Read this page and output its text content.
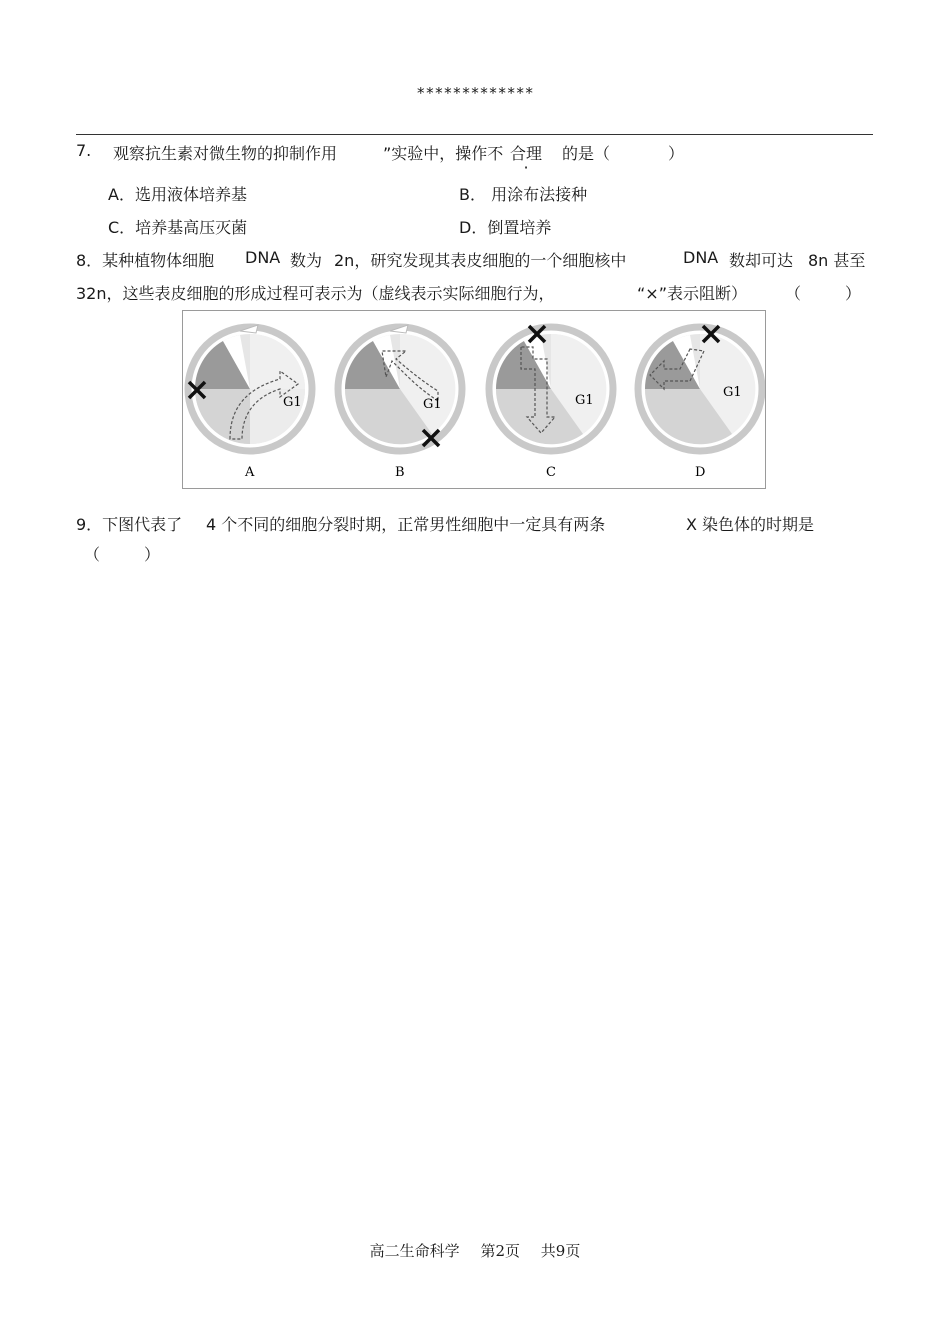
*************
7. 观察抗生素对微生物的抑制作用	”实验中，操作不 合理 的是（	）
A．选用液体培养基	B． 用涂布法接种
C．培养基高压灭菌	D．倒置培养
8．某种植物体细胞 DNA 数为 2n，研究发现其表皮细胞的一个细胞核中	DNA 数却可达 8n 甚至
32n，这些表皮细胞的形成过程可表示为（虚线表示实际细胞行为，	“×”表示阻断） （	）
G1	G1	G1
G1
A	B	C	D
9．下图代表了 4 个不同的细胞分裂时期，正常男性细胞中一定具有两条	X 染色体的时期是
（	）
高二生命科学 第2页 共9页
